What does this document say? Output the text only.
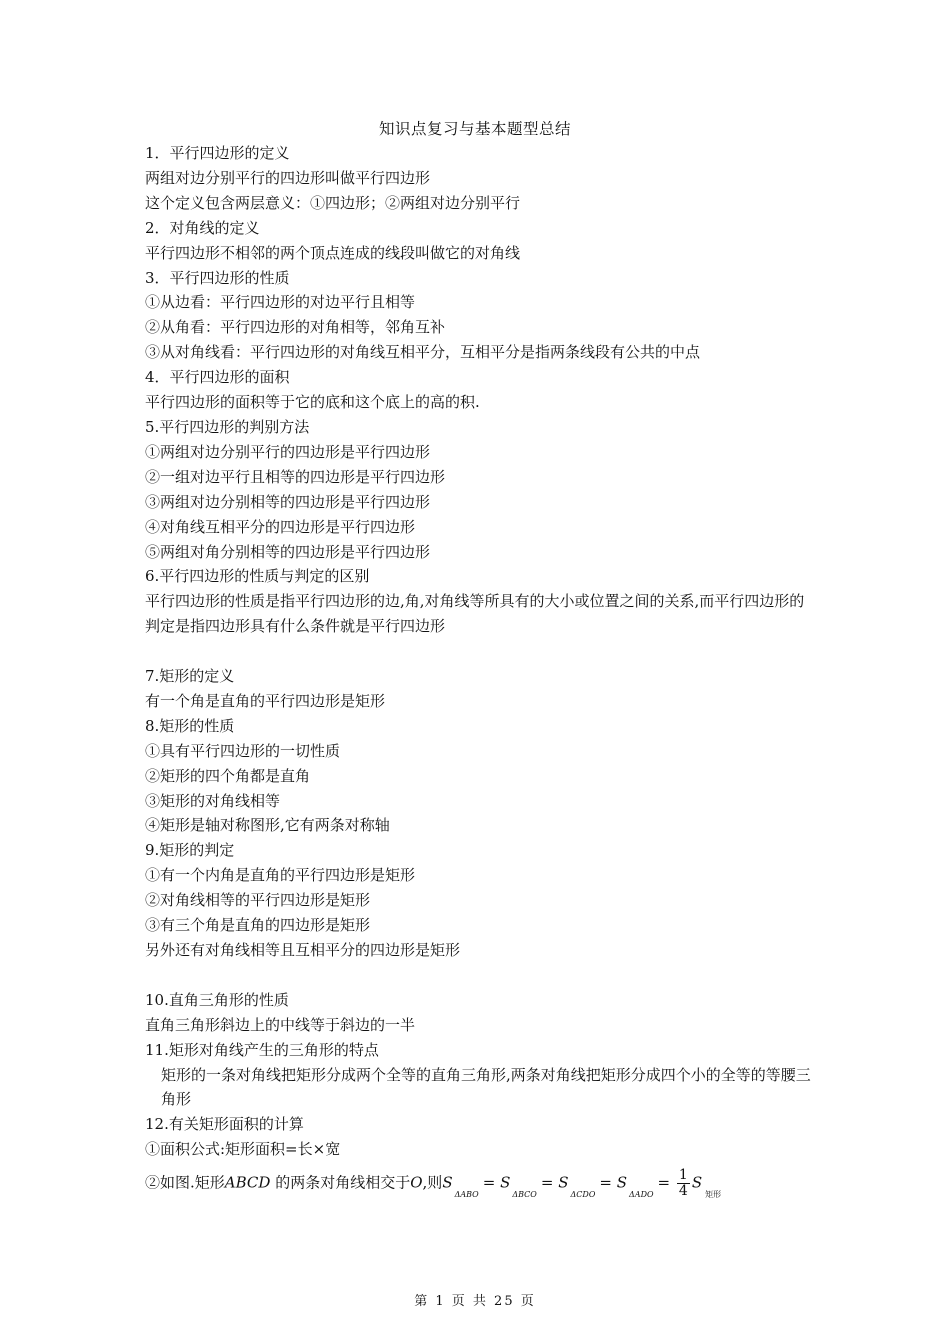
知识点复习与基本题型总结
1．平行四边形的定义
两组对边分别平行的四边形叫做平行四边形
这个定义包含两层意义：①四边形；②两组对边分别平行
2．对角线的定义
平行四边形不相邻的两个顶点连成的线段叫做它的对角线
3．平行四边形的性质
①从边看：平行四边形的对边平行且相等
②从角看：平行四边形的对角相等，邻角互补
③从对角线看：平行四边形的对角线互相平分，互相平分是指两条线段有公共的中点
4．平行四边形的面积
平行四边形的面积等于它的底和这个底上的高的积.
5.平行四边形的判别方法
①两组对边分别平行的四边形是平行四边形
②一组对边平行且相等的四边形是平行四边形
③两组对边分别相等的四边形是平行四边形
④对角线互相平分的四边形是平行四边形
⑤两组对角分别相等的四边形是平行四边形
6.平行四边形的性质与判定的区别
平行四边形的性质是指平行四边形的边,角,对角线等所具有的大小或位置之间的关系,而平行四边形的判定是指四边形具有什么条件就是平行四边形
7.矩形的定义
有一个角是直角的平行四边形是矩形
8.矩形的性质
①具有平行四边形的一切性质
②矩形的四个角都是直角
③矩形的对角线相等
④矩形是轴对称图形,它有两条对称轴
9.矩形的判定
①有一个内角是直角的平行四边形是矩形
②对角线相等的平行四边形是矩形
③有三个角是直角的四边形是矩形
另外还有对角线相等且互相平分的四边形是矩形
10.直角三角形的性质
直角三角形斜边上的中线等于斜边的一半
11.矩形对角线产生的三角形的特点
矩形的一条对角线把矩形分成两个全等的直角三角形,两条对角线把矩形分成四个小的全等的等腰三角形
12.有关矩形面积的计算
①面积公式:矩形面积=长×宽
②如图.矩形ABCD 的两条对角线相交于O,则$S_{\Delta ABO}= S_{\Delta BCO}= S_{\Delta CDO}= S_{\Delta ADO}= \frac{1}{4} S_{矩形}$
第 1 页 共 25 页
